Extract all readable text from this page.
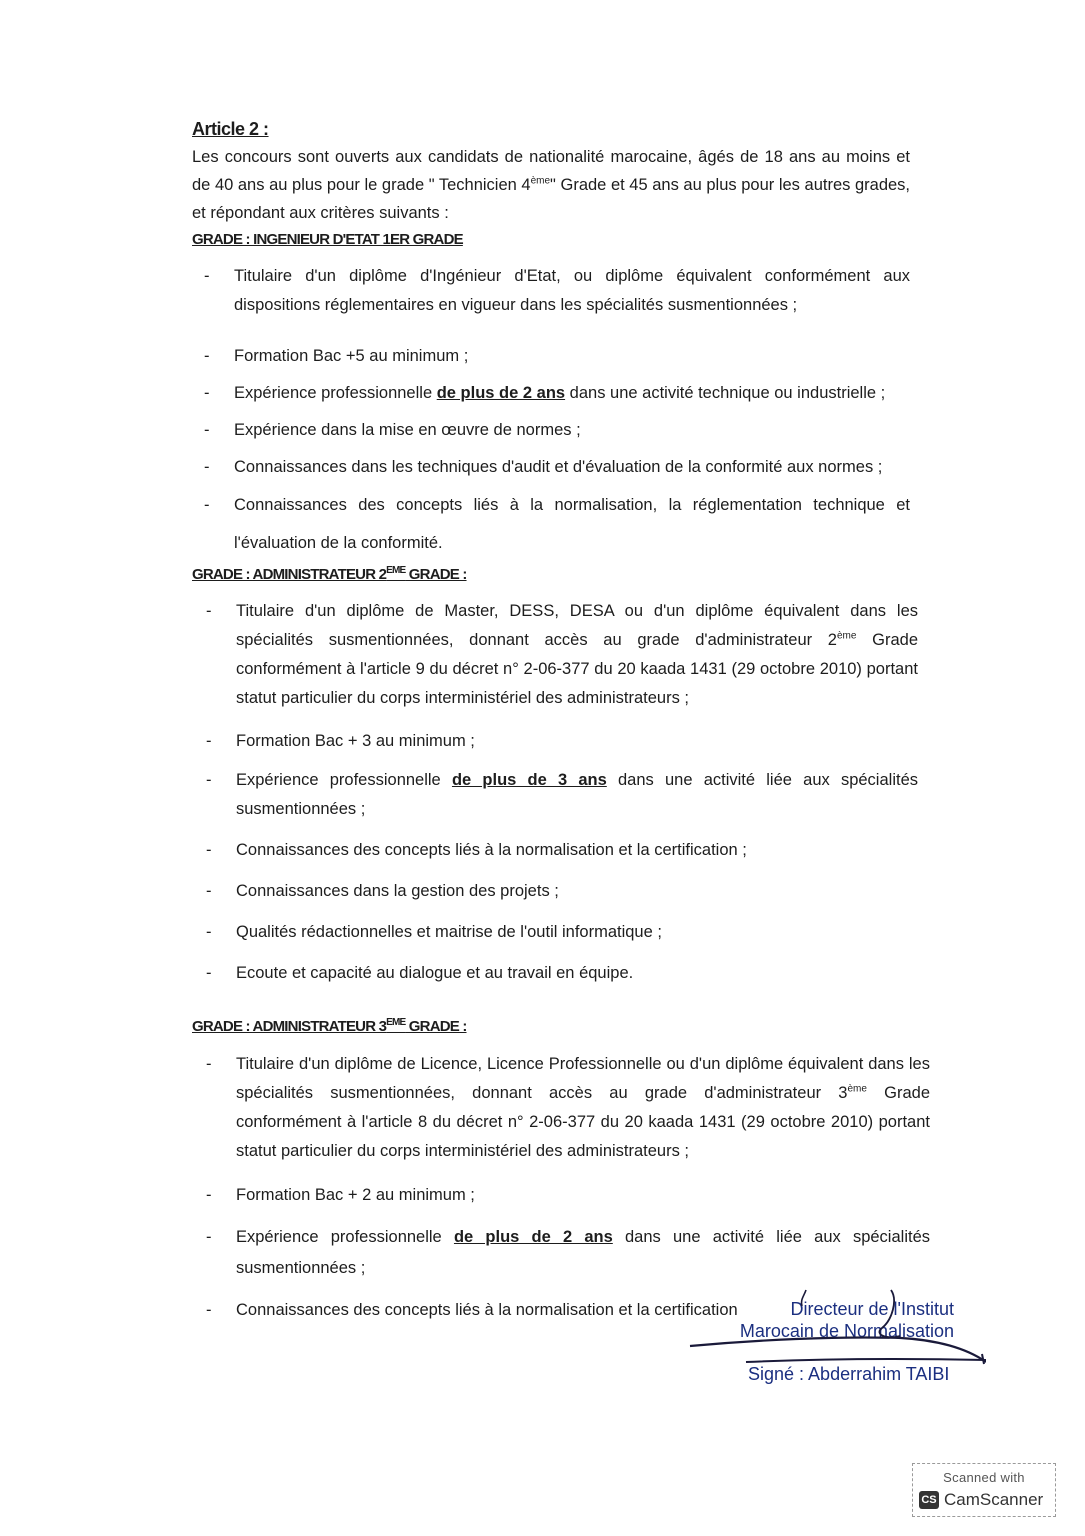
Article 2 :
Les concours sont ouverts aux candidats de nationalité marocaine, âgés de 18 ans au moins et de 40 ans au plus pour le grade " Technicien 4ème" Grade et 45 ans au plus pour les autres grades, et répondant aux critères suivants :
GRADE : INGENIEUR D'ETAT 1ER GRADE
- Titulaire d'un diplôme d'Ingénieur d'Etat, ou diplôme équivalent conformément aux dispositions réglementaires en vigueur dans les spécialités susmentionnées ;
- Formation Bac +5 au minimum ;
- Expérience professionnelle de plus de 2 ans dans une activité technique ou industrielle ;
- Expérience dans la mise en œuvre de normes ;
- Connaissances dans les techniques d'audit et d'évaluation de la conformité aux normes ;
- Connaissances des concepts liés à la normalisation, la réglementation technique et l'évaluation de la conformité.
GRADE : ADMINISTRATEUR 2EME GRADE :
- Titulaire d'un diplôme de Master, DESS, DESA ou d'un diplôme équivalent dans les spécialités susmentionnées, donnant accès au grade d'administrateur 2ème Grade conformément à l'article 9 du décret n° 2-06-377 du 20 kaada 1431 (29 octobre 2010) portant statut particulier du corps interministériel des administrateurs ;
- Formation Bac + 3 au minimum ;
- Expérience professionnelle de plus de 3 ans dans une activité liée aux spécialités susmentionnées ;
- Connaissances des concepts liés à la normalisation et la certification ;
- Connaissances dans la gestion des projets ;
- Qualités rédactionnelles et maitrise de l'outil informatique ;
- Ecoute et capacité au dialogue et au travail en équipe.
GRADE : ADMINISTRATEUR 3EME GRADE :
- Titulaire d'un diplôme de Licence, Licence Professionnelle ou d'un diplôme équivalent dans les spécialités susmentionnées, donnant accès au grade d'administrateur 3ème Grade conformément à l'article 8 du décret n° 2-06-377 du 20 kaada 1431 (29 octobre 2010) portant statut particulier du corps interministériel des administrateurs ;
- Formation Bac + 2 au minimum ;
- Expérience professionnelle de plus de 2 ans dans une activité liée aux spécialités susmentionnées ;
- Connaissances des concepts liés à la normalisation et la certification	Directeur de l'Institut
Marocain de Normalisation
Signé : Abderrahim TAIBI
Scanned with
CS CamScanner
